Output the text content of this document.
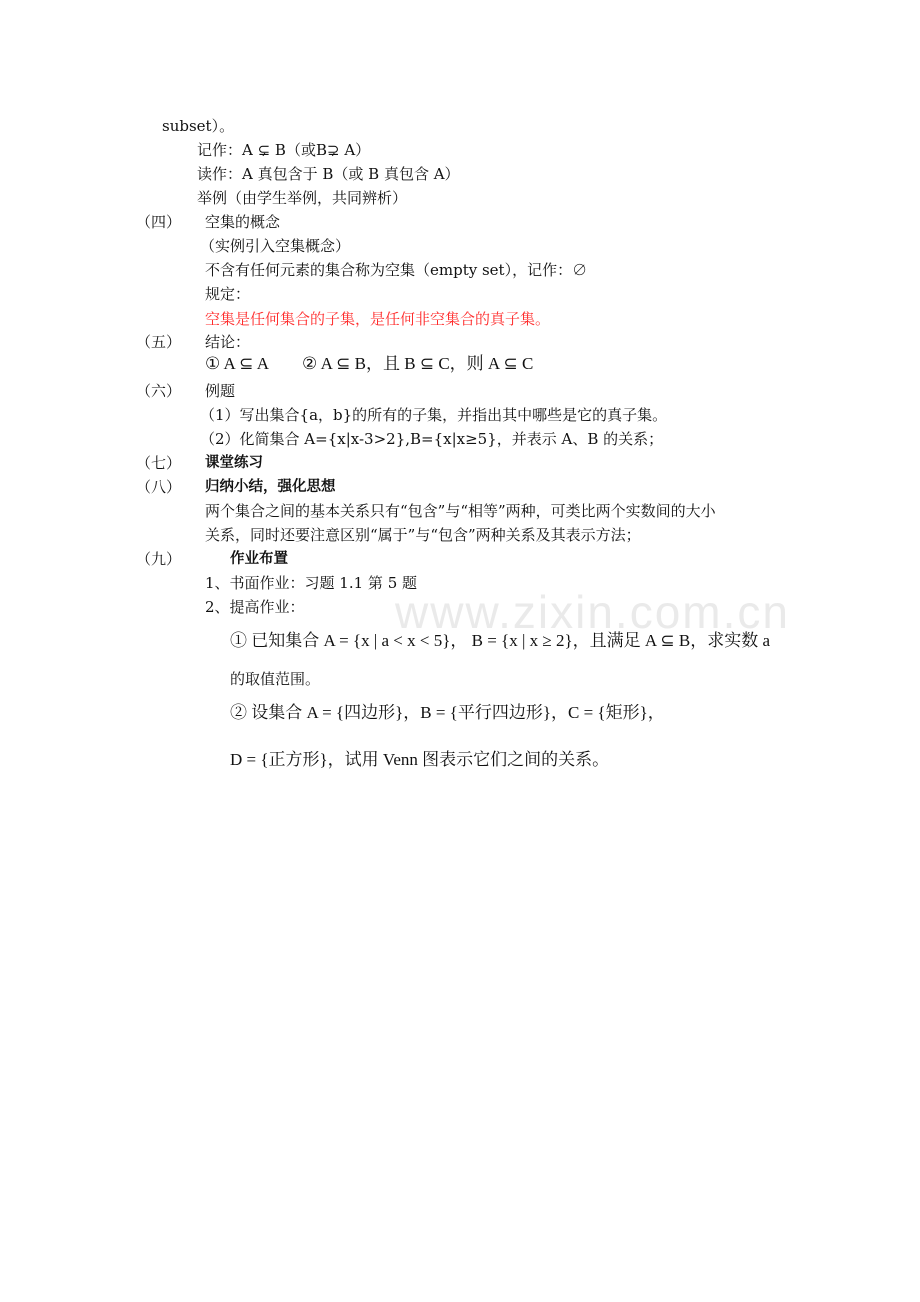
www.zixin.com.cn
subset）。
记作：A ⊊ B（或B⊋ A）
读作：A 真包含于 B（或 B 真包含 A）
举例（由学生举例，共同辨析）
（四） 空集的概念
（实例引入空集概念）
不含有任何元素的集合称为空集（empty set），记作：∅
规定：
空集是任何集合的子集，是任何非空集合的真子集。
（五） 结论：
① A ⊆ A　　② A ⊆ B，且 B ⊆ C，则 A ⊆ C
（六） 例题
（1）写出集合{a，b}的所有的子集，并指出其中哪些是它的真子集。
（2）化简集合 A={x|x-3>2},B={x|x≥5}，并表示 A、B 的关系；
（七） 课堂练习
（八） 归纳小结，强化思想
两个集合之间的基本关系只有“包含”与“相等”两种，可类比两个实数间的大小
关系，同时还要注意区别“属于”与“包含”两种关系及其表示方法；
（九）	作业布置
1、书面作业：习题 1.1 第 5 题
2、提高作业：
① 已知集合 A = {x | a < x < 5}， B = {x | x ≥ 2}，且满足 A ⊆ B，求实数 a
的取值范围。
② 设集合 A = {四边形}，B = {平行四边形}，C = {矩形}，
D = {正方形}，试用 Venn 图表示它们之间的关系。
